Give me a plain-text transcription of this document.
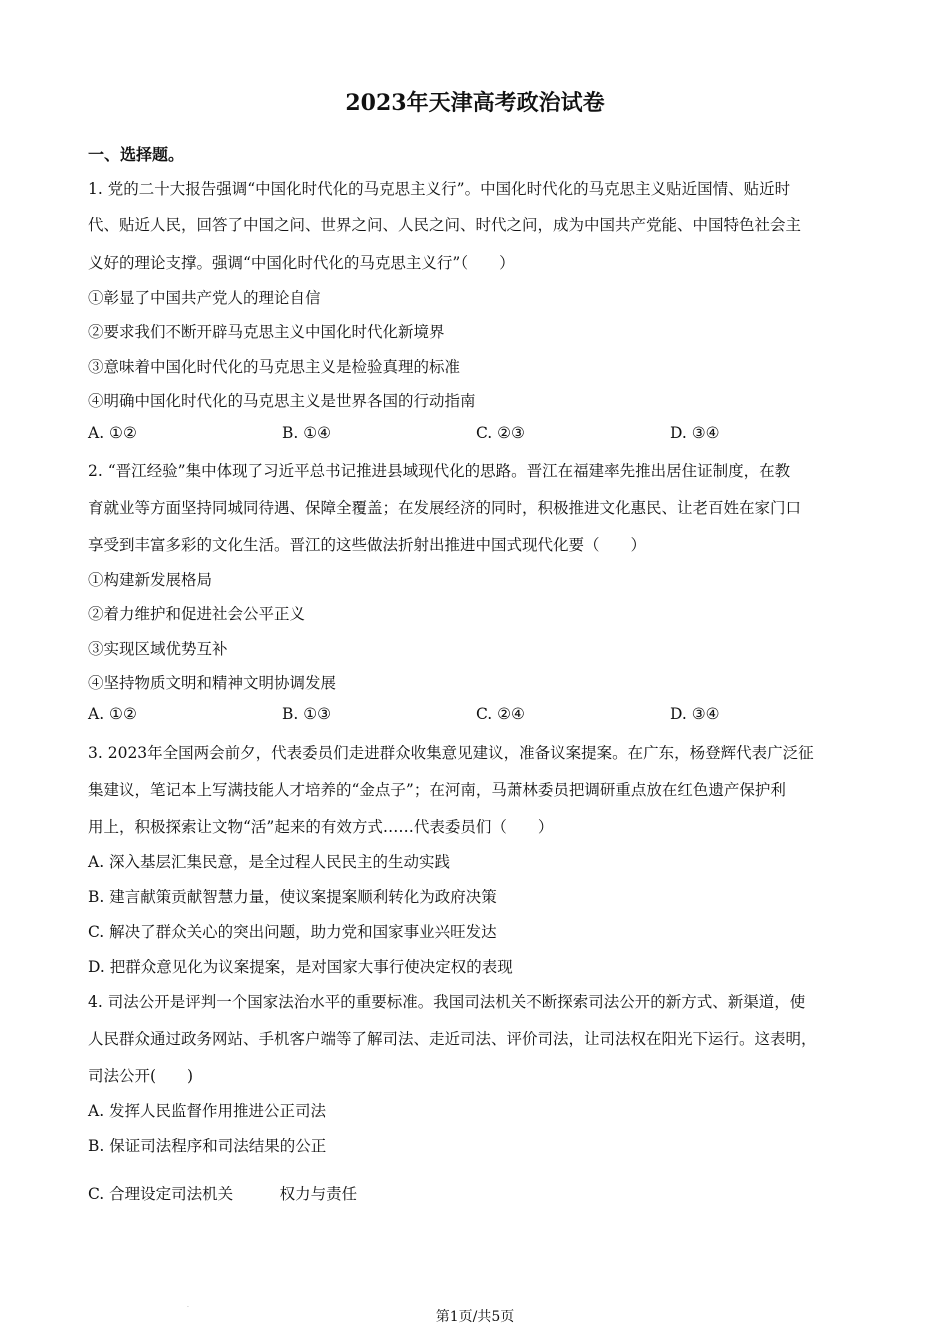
2023年天津高考政治试卷
一、选择题。
1. 党的二十大报告强调“中国化时代化的马克思主义行”。中国化时代化的马克思主义贴近国情、贴近时
代、贴近人民，回答了中国之问、世界之问、人民之问、时代之问，成为中国共产党能、中国特色社会主
义好的理论支撑。强调“中国化时代化的马克思主义行”（　　）
①彰显了中国共产党人的理论自信
②要求我们不断开辟马克思主义中国化时代化新境界
③意味着中国化时代化的马克思主义是检验真理的标准
④明确中国化时代化的马克思主义是世界各国的行动指南
A. ①②	B. ①④	C. ②③	D. ③④
2. “晋江经验”集中体现了习近平总书记推进县域现代化的思路。晋江在福建率先推出居住证制度，在教
育就业等方面坚持同城同待遇、保障全覆盖；在发展经济的同时，积极推进文化惠民、让老百姓在家门口
享受到丰富多彩的文化生活。晋江的这些做法折射出推进中国式现代化要（　　）
①构建新发展格局
②着力维护和促进社会公平正义
③实现区域优势互补
④坚持物质文明和精神文明协调发展
A. ①②	B. ①③	C. ②④	D. ③④
3. 2023年全国两会前夕，代表委员们走进群众收集意见建议，准备议案提案。在广东，杨登辉代表广泛征
集建议，笔记本上写满技能人才培养的“金点子”；在河南，马萧林委员把调研重点放在红色遗产保护利
用上，积极探索让文物“活”起来的有效方式……代表委员们（　　）
A. 深入基层汇集民意，是全过程人民民主的生动实践
B. 建言献策贡献智慧力量，使议案提案顺利转化为政府决策
C. 解决了群众关心的突出问题，助力党和国家事业兴旺发达
D. 把群众意见化为议案提案，是对国家大事行使决定权的表现
4. 司法公开是评判一个国家法治水平的重要标准。我国司法机关不断探索司法公开的新方式、新渠道，使
人民群众通过政务网站、手机客户端等了解司法、走近司法、评价司法，让司法权在阳光下运行。这表明，
司法公开(　　)
A. 发挥人民监督作用推进公正司法
B. 保证司法程序和司法结果的公正
C. 合理设定司法机关　　　权力与责任
.
第1页/共5页
